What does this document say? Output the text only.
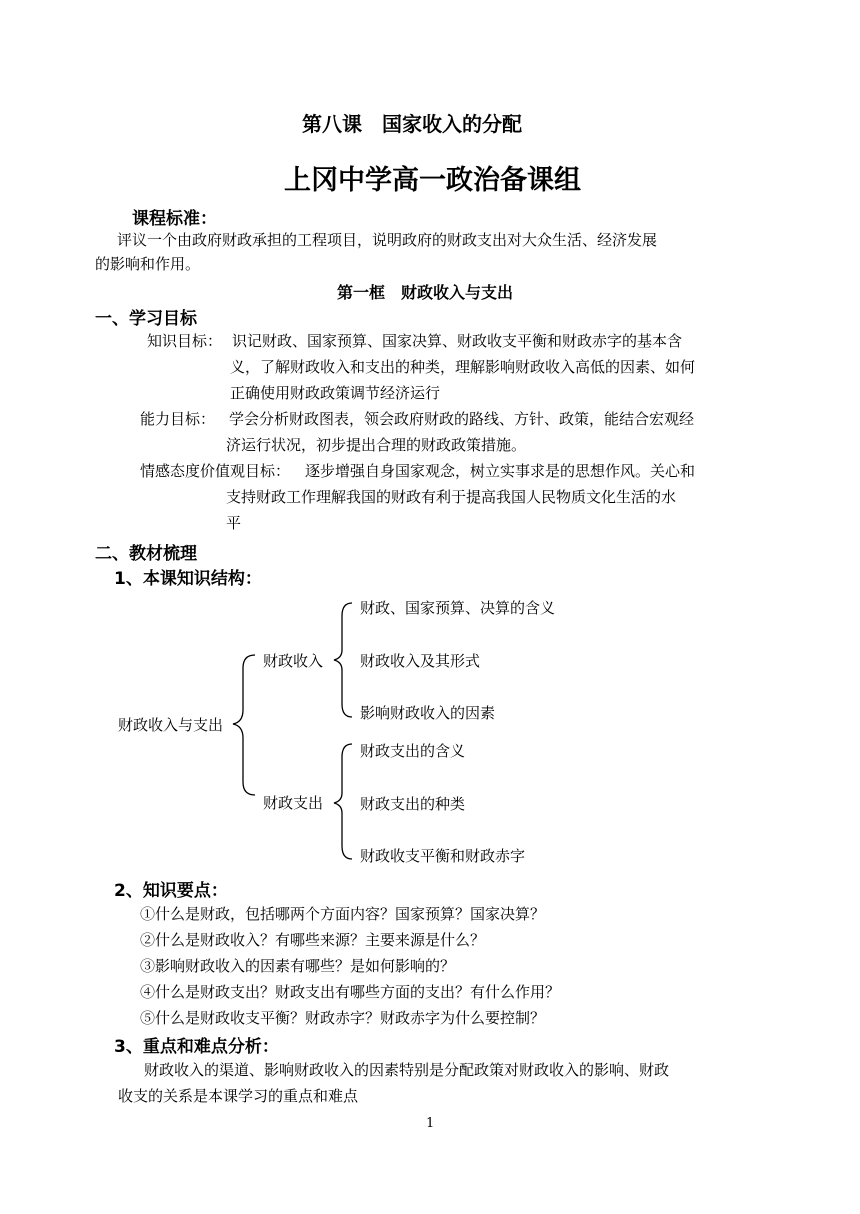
第八课　国家收入的分配
上冈中学高一政治备课组
课程标准：
评议一个由政府财政承担的工程项目，说明政府的财政支出对大众生活、经济发展
的影响和作用。
第一框　财政收入与支出
一、学习目标
知识目标： 识记财政、国家预算、国家决算、财政收支平衡和财政赤字的基本含
义，了解财政收入和支出的种类，理解影响财政收入高低的因素、如何
正确使用财政政策调节经济运行
能力目标： 学会分析财政图表，领会政府财政的路线、方针、政策，能结合宏观经
济运行状况，初步提出合理的财政政策措施。
情感态度价值观目标： 逐步增强自身国家观念，树立实事求是的思想作风。关心和
支持财政工作理解我国的财政有利于提高我国人民物质文化生活的水
平
二、教材梳理
1、本课知识结构：
财政收入与支出
财政收入
财政支出
财政、国家预算、决算的含义
财政收入及其形式
影响财政收入的因素
财政支出的含义
财政支出的种类
财政收支平衡和财政赤字
2、知识要点：
①什么是财政，包括哪两个方面内容？国家预算？国家决算？
②什么是财政收入？有哪些来源？主要来源是什么？
③影响财政收入的因素有哪些？是如何影响的？
④什么是财政支出？财政支出有哪些方面的支出？有什么作用？
⑤什么是财政收支平衡？财政赤字？财政赤字为什么要控制？
3、重点和难点分析：
财政收入的渠道、影响财政收入的因素特别是分配政策对财政收入的影响、财政
收支的关系是本课学习的重点和难点
1
